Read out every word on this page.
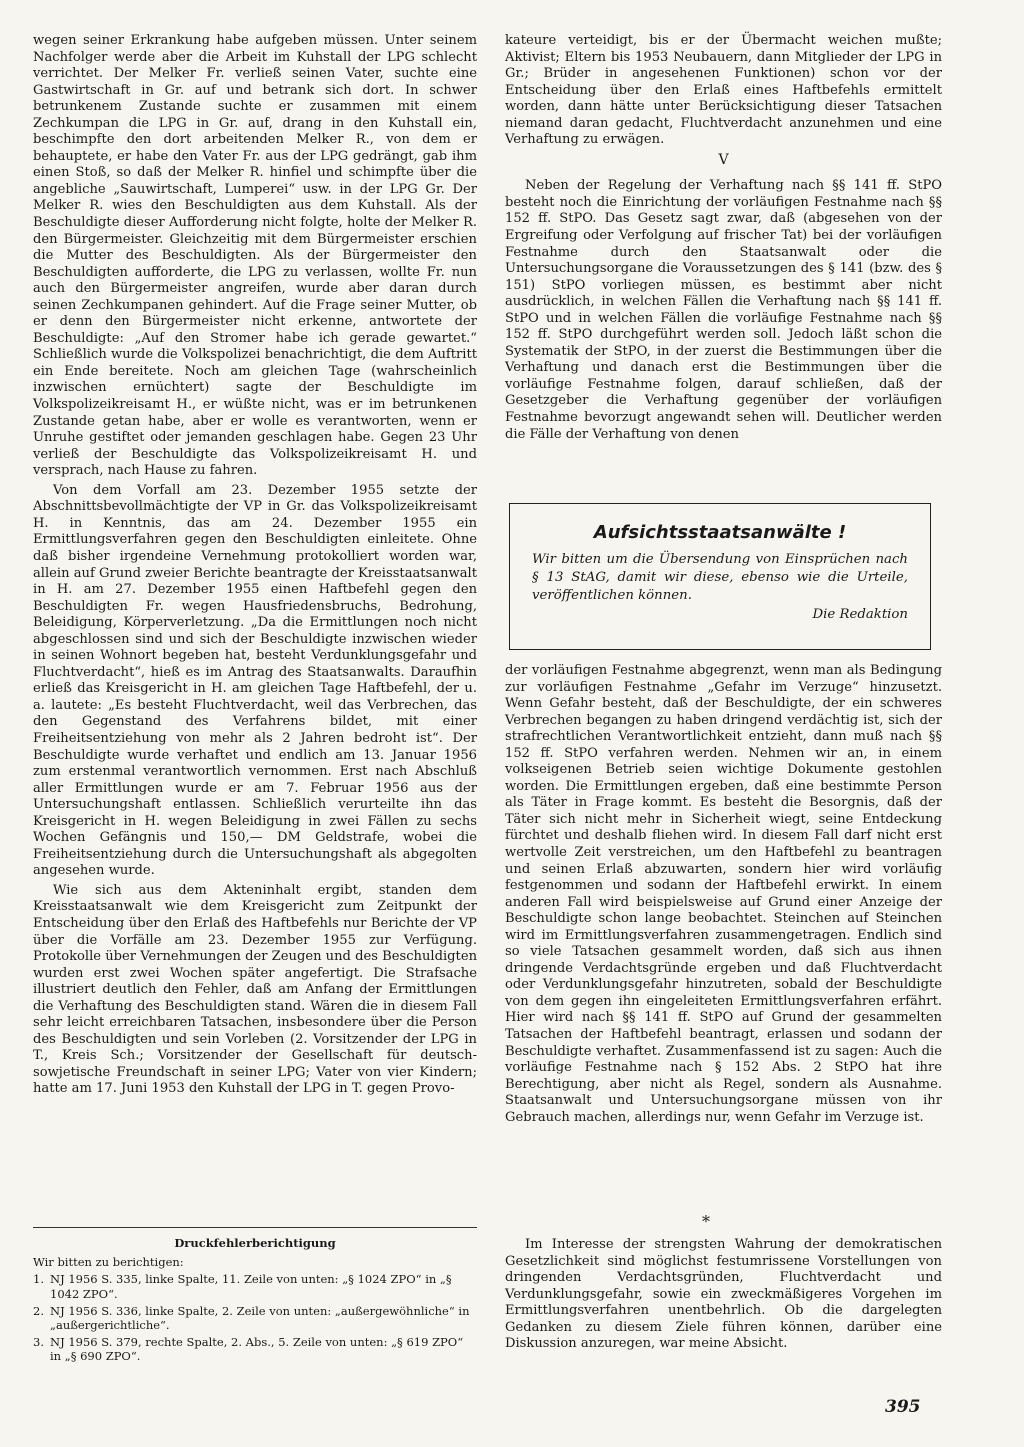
wegen seiner Erkrankung habe aufgeben müssen. Unter seinem Nachfolger werde aber die Arbeit im Kuhstall der LPG schlecht verrichtet. Der Melker Fr. verließ seinen Vater, suchte eine Gastwirtschaft in Gr. auf und betrank sich dort. In schwer betrunkenem Zustande suchte er zusammen mit einem Zechkumpan die LPG in Gr. auf, drang in den Kuhstall ein, beschimpfte den dort arbeitenden Melker R., von dem er behauptete, er habe den Vater Fr. aus der LPG gedrängt, gab ihm einen Stoß, so daß der Melker R. hinfiel und schimpfte über die angebliche „Sauwirtschaft, Lumperei“ usw. in der LPG Gr. Der Melker R. wies den Beschuldigten aus dem Kuhstall. Als der Beschuldigte dieser Aufforderung nicht folgte, holte der Melker R. den Bürgermeister. Gleichzeitig mit dem Bürgermeister erschien die Mutter des Beschuldigten. Als der Bürgermeister den Beschuldigten aufforderte, die LPG zu verlassen, wollte Fr. nun auch den Bürgermeister angreifen, wurde aber daran durch seinen Zechkumpanen gehindert. Auf die Frage seiner Mutter, ob er denn den Bürgermeister nicht erkenne, antwortete der Beschuldigte: „Auf den Stromer habe ich gerade gewartet.“ Schließlich wurde die Volkspolizei benachrichtigt, die dem Auftritt ein Ende bereitete. Noch am gleichen Tage (wahrscheinlich inzwischen ernüchtert) sagte der Beschuldigte im Volkspolizeikreisamt H., er wüßte nicht, was er im betrunkenen Zustande getan habe, aber er wolle es verantworten, wenn er Unruhe gestiftet oder jemanden geschlagen habe. Gegen 23 Uhr verließ der Beschuldigte das Volkspolizeikreisamt H. und versprach, nach Hause zu fahren.

Von dem Vorfall am 23. Dezember 1955 setzte der Abschnittsbevollmächtigte der VP in Gr. das Volkspolizeikreisamt H. in Kenntnis, das am 24. Dezember 1955 ein Ermittlungsverfahren gegen den Beschuldigten einleitete. Ohne daß bisher irgendeine Vernehmung protokolliert worden war, allein auf Grund zweier Berichte beantragte der Kreisstaatsanwalt in H. am 27. Dezember 1955 einen Haftbefehl gegen den Beschuldigten Fr. wegen Hausfriedensbruchs, Bedrohung, Beleidigung, Körperverletzung. „Da die Ermittlungen noch nicht abgeschlossen sind und sich der Beschuldigte inzwischen wieder in seinen Wohnort begeben hat, besteht Verdunklungsgefahr und Fluchtverdacht“, hieß es im Antrag des Staatsanwalts. Daraufhin erließ das Kreisgericht in H. am gleichen Tage Haftbefehl, der u. a. lautete: „Es besteht Fluchtverdacht, weil das Verbrechen, das den Gegenstand des Verfahrens bildet, mit einer Freiheitsentziehung von mehr als 2 Jahren bedroht ist“. Der Beschuldigte wurde verhaftet und endlich am 13. Januar 1956 zum erstenmal verantwortlich vernommen. Erst nach Abschluß aller Ermittlungen wurde er am 7. Februar 1956 aus der Untersuchungshaft entlassen. Schließlich verurteilte ihn das Kreisgericht in H. wegen Beleidigung in zwei Fällen zu sechs Wochen Gefängnis und 150,— DM Geldstrafe, wobei die Freiheitsentziehung durch die Untersuchungshaft als abgegolten angesehen wurde.

Wie sich aus dem Akteninhalt ergibt, standen dem Kreisstaatsanwalt wie dem Kreisgericht zum Zeitpunkt der Entscheidung über den Erlaß des Haftbefehls nur Berichte der VP über die Vorfälle am 23. Dezember 1955 zur Verfügung. Protokolle über Vernehmungen der Zeugen und des Beschuldigten wurden erst zwei Wochen später angefertigt. Die Strafsache illustriert deutlich den Fehler, daß am Anfang der Ermittlungen die Verhaftung des Beschuldigten stand. Wären die in diesem Fall sehr leicht erreichbaren Tatsachen, insbesondere über die Person des Beschuldigten und sein Vorleben (2. Vorsitzender der LPG in T., Kreis Sch.; Vorsitzender der Gesellschaft für deutsch-sowjetische Freundschaft in seiner LPG; Vater von vier Kindern; hatte am 17. Juni 1953 den Kuhstall der LPG in T. gegen Provo-

Druckfehlerberichtigung
Wir bitten zu berichtigen:
1. NJ 1956 S. 335, linke Spalte, 11. Zeile von unten: „§ 1024 ZPO“ in „§ 1042 ZPO“.
2. NJ 1956 S. 336, linke Spalte, 2. Zeile von unten: „außergewöhnliche“ in „außergerichtliche“.
3. NJ 1956 S. 379, rechte Spalte, 2. Abs., 5. Zeile von unten: „§ 619 ZPO“ in „§ 690 ZPO“.

kateure verteidigt, bis er der Übermacht weichen mußte; Aktivist; Eltern bis 1953 Neubauern, dann Mitglieder der LPG in Gr.; Brüder in angesehenen Funktionen) schon vor der Entscheidung über den Erlaß eines Haftbefehls ermittelt worden, dann hätte unter Berücksichtigung dieser Tatsachen niemand daran gedacht, Fluchtverdacht anzunehmen und eine Verhaftung zu erwägen.

V

Neben der Regelung der Verhaftung nach §§ 141 ff. StPO besteht noch die Einrichtung der vorläufigen Festnahme nach §§ 152 ff. StPO. Das Gesetz sagt zwar, daß (abgesehen von der Ergreifung oder Verfolgung auf frischer Tat) bei der vorläufigen Festnahme durch den Staatsanwalt oder die Untersuchungsorgane die Voraussetzungen des § 141 (bzw. des § 151) StPO vorliegen müssen, es bestimmt aber nicht ausdrücklich, in welchen Fällen die Verhaftung nach §§ 141 ff. StPO und in welchen Fällen die vorläufige Festnahme nach §§ 152 ff. StPO durchgeführt werden soll. Jedoch läßt schon die Systematik der StPO, in der zuerst die Bestimmungen über die Verhaftung und danach erst die Bestimmungen über die vorläufige Festnahme folgen, darauf schließen, daß der Gesetzgeber die Verhaftung gegenüber der vorläufigen Festnahme bevorzugt angewandt sehen will. Deutlicher werden die Fälle der Verhaftung von denen

Aufsichtsstaatsanwälte !
Wir bitten um die Übersendung von Einsprüchen nach § 13 StAG, damit wir diese, ebenso wie die Urteile, veröffentlichen können.
Die Redaktion

der vorläufigen Festnahme abgegrenzt, wenn man als Bedingung zur vorläufigen Festnahme „Gefahr im Verzuge“ hinzusetzt. Wenn Gefahr besteht, daß der Beschuldigte, der ein schweres Verbrechen begangen zu haben dringend verdächtig ist, sich der strafrechtlichen Verantwortlichkeit entzieht, dann muß nach §§ 152 ff. StPO verfahren werden. Nehmen wir an, in einem volkseigenen Betrieb seien wichtige Dokumente gestohlen worden. Die Ermittlungen ergeben, daß eine bestimmte Person als Täter in Frage kommt. Es besteht die Besorgnis, daß der Täter sich nicht mehr in Sicherheit wiegt, seine Entdeckung fürchtet und deshalb fliehen wird. In diesem Fall darf nicht erst wertvolle Zeit verstreichen, um den Haftbefehl zu beantragen und seinen Erlaß abzuwarten, sondern hier wird vorläufig festgenommen und sodann der Haftbefehl erwirkt. In einem anderen Fall wird beispielsweise auf Grund einer Anzeige der Beschuldigte schon lange beobachtet. Steinchen auf Steinchen wird im Ermittlungsverfahren zusammengetragen. Endlich sind so viele Tatsachen gesammelt worden, daß sich aus ihnen dringende Verdachtsgründe ergeben und daß Fluchtverdacht oder Verdunklungsgefahr hinzutreten, sobald der Beschuldigte von dem gegen ihn eingeleiteten Ermittlungsverfahren erfährt. Hier wird nach §§ 141 ff. StPO auf Grund der gesammelten Tatsachen der Haftbefehl beantragt, erlassen und sodann der Beschuldigte verhaftet. Zusammenfassend ist zu sagen: Auch die vorläufige Festnahme nach § 152 Abs. 2 StPO hat ihre Berechtigung, aber nicht als Regel, sondern als Ausnahme. Staatsanwalt und Untersuchungsorgane müssen von ihr Gebrauch machen, allerdings nur, wenn Gefahr im Verzuge ist.

*

Im Interesse der strengsten Wahrung der demokratischen Gesetzlichkeit sind möglichst festumrissene Vorstellungen von dringenden Verdachtsgründen, Fluchtverdacht und Verdunklungsgefahr, sowie ein zweckmäßigeres Vorgehen im Ermittlungsverfahren unentbehrlich. Ob die dargelegten Gedanken zu diesem Ziele führen können, darüber eine Diskussion anzuregen, war meine Absicht.

395
